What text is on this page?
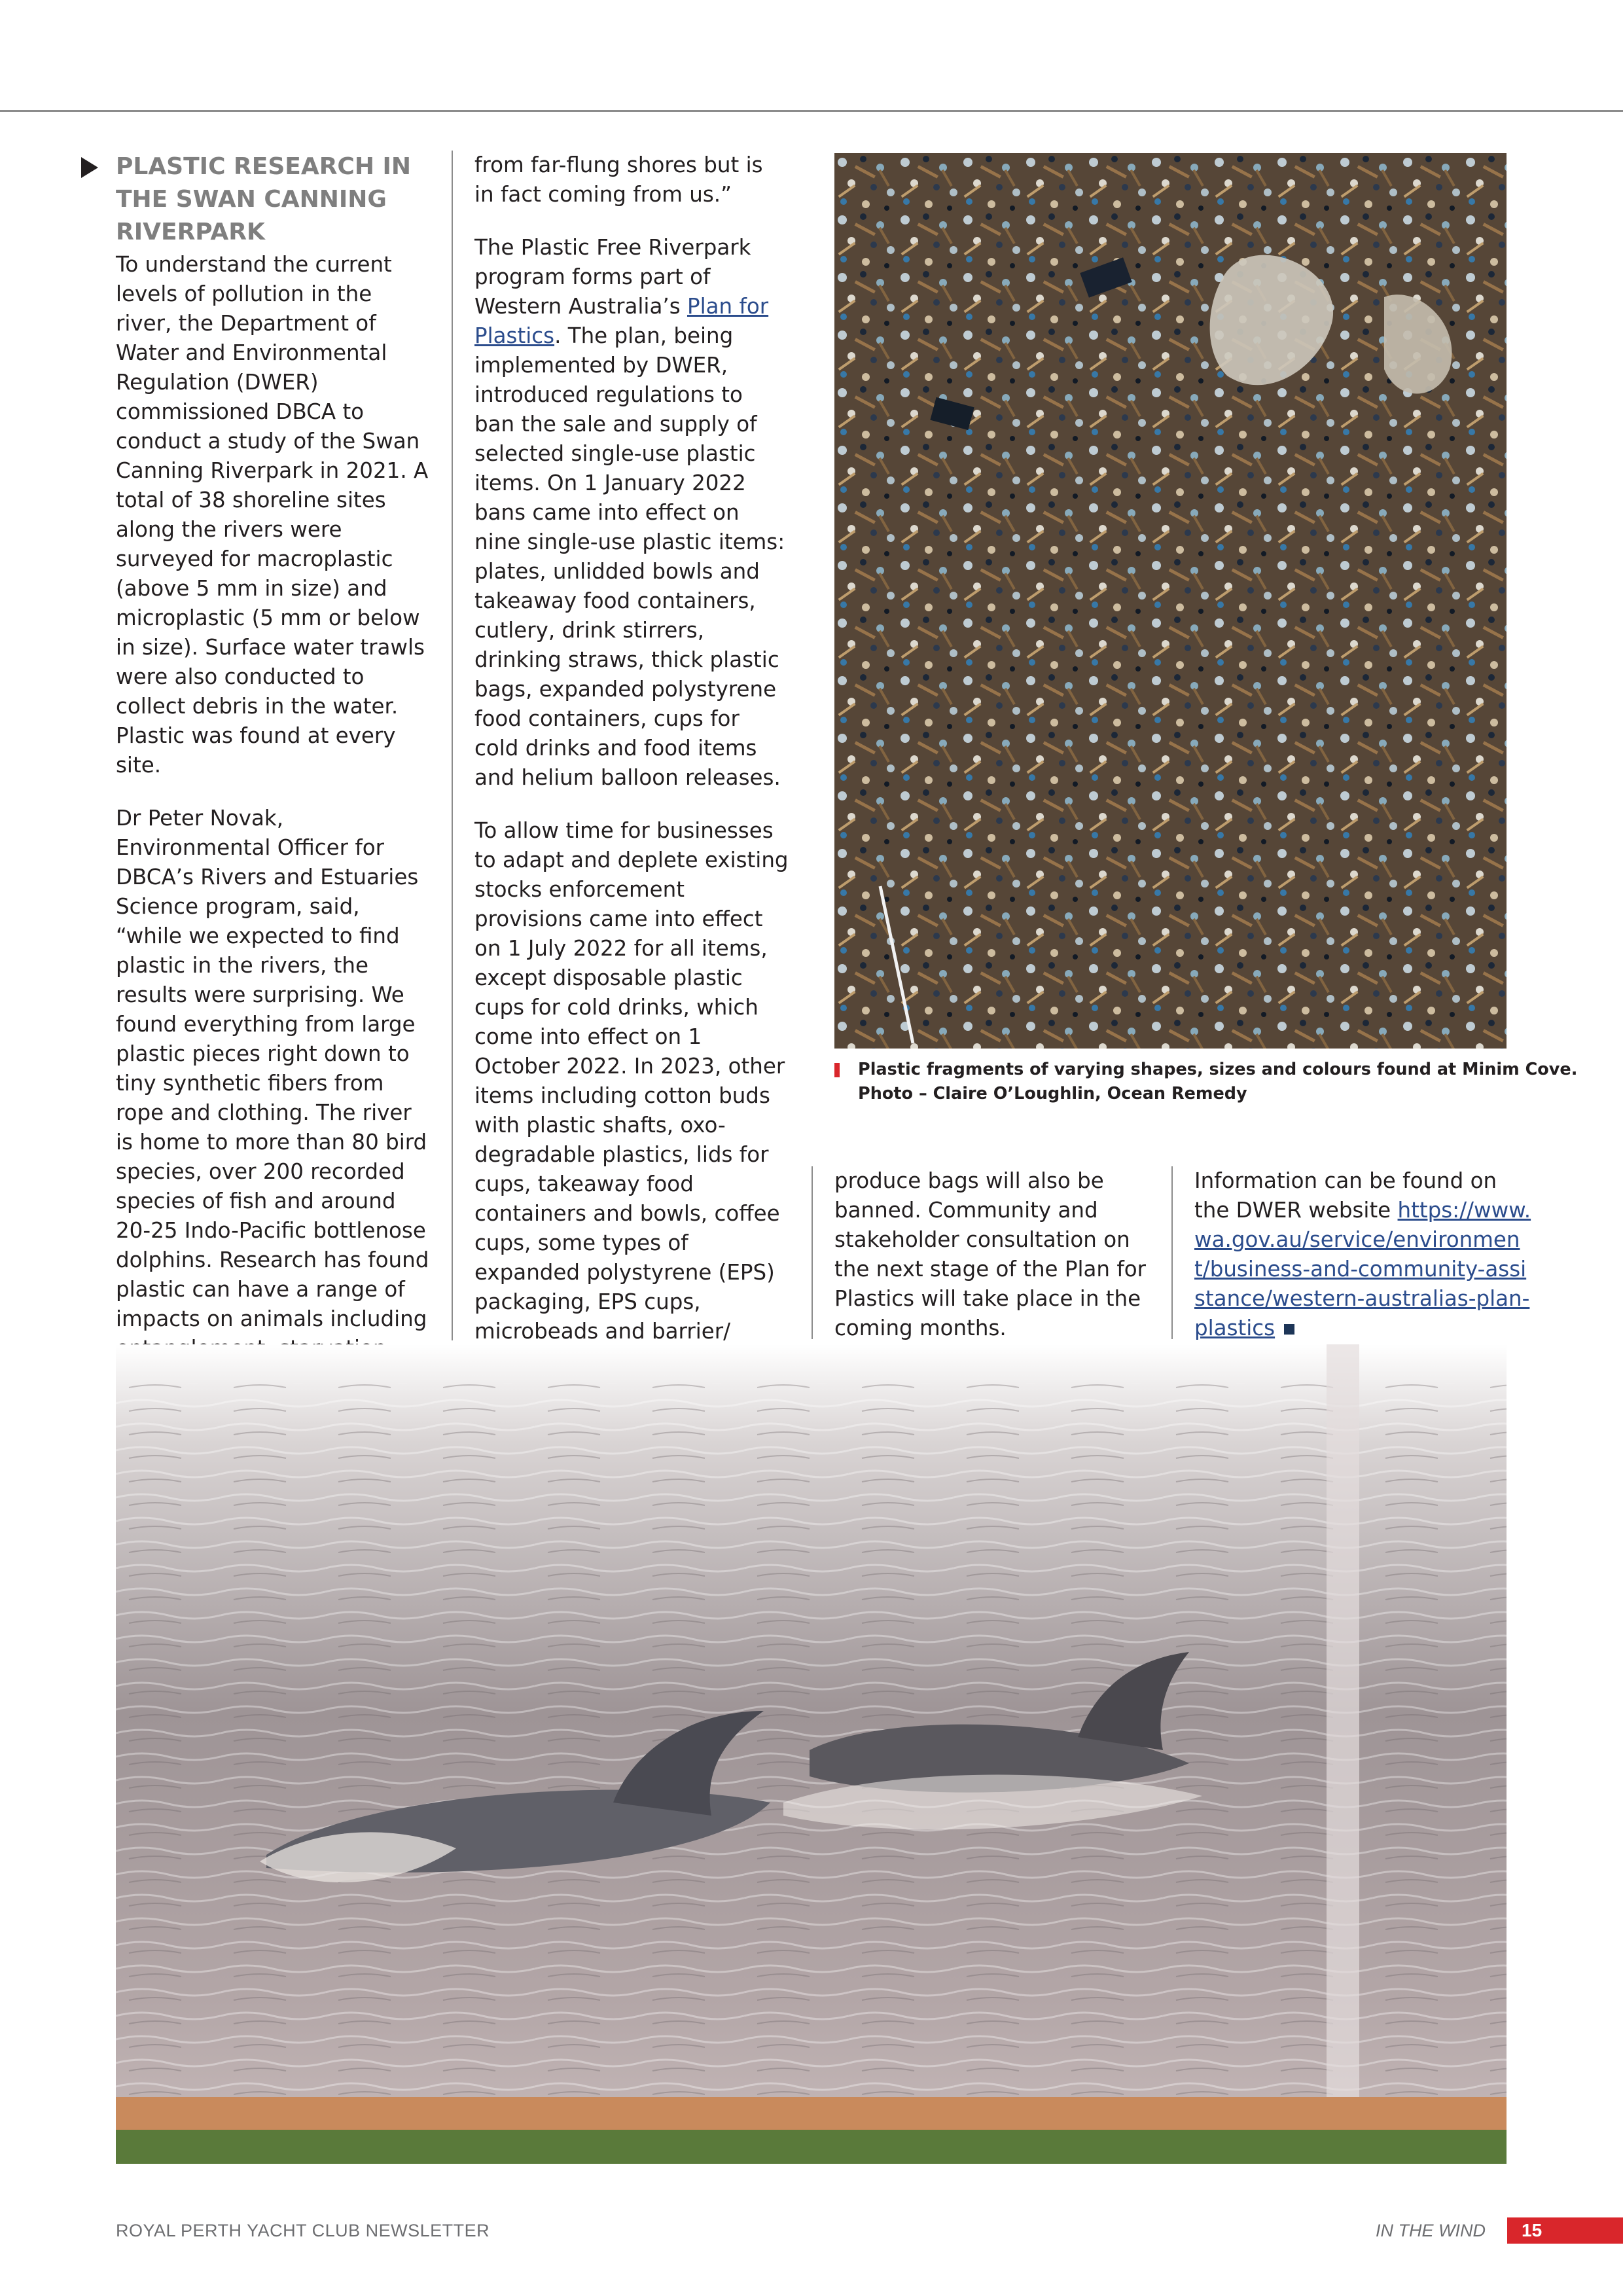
PLASTIC RESEARCH IN THE SWAN CANNING RIVERPARK

To understand the current levels of pollution in the river, the Department of Water and Environmental Regulation (DWER) commissioned DBCA to conduct a study of the Swan Canning Riverpark in 2021. A total of 38 shoreline sites along the rivers were surveyed for macroplastic (above 5 mm in size) and microplastic (5 mm or below in size). Surface water trawls were also conducted to collect debris in the water. Plastic was found at every site.

Dr Peter Novak, Environmental Officer for DBCA’s Rivers and Estuaries Science program, said, “while we expected to find plastic in the rivers, the results were surprising. We found everything from large plastic pieces right down to tiny synthetic fibers from rope and clothing. The river is home to more than 80 bird species, over 200 recorded species of fish and around 20-25 Indo-Pacific bottlenose dolphins. Research has found plastic can have a range of impacts on animals including

from far-flung shores but is in fact coming from us.”

The Plastic Free Riverpark program forms part of Western Australia’s Plan for Plastics. The plan, being implemented by DWER, introduced regulations to ban the sale and supply of selected single-use plastic items. On 1 January 2022 bans came into effect on nine single-use plastic items: plates, unlidded bowls and takeaway food containers, cutlery, drink stirrers, drinking straws, thick plastic bags, expanded polystyrene food containers, cups for cold drinks and food items and helium balloon releases.

To allow time for businesses to adapt and deplete existing stocks enforcement provisions came into effect on 1 July 2022 for all items, except disposable plastic cups for cold drinks, which come into effect on 1 October 2022. In 2023, other items including cotton buds with plastic shafts, oxo-degradable plastics, lids for cups, takeaway food containers and bowls, coffee cups, some types of expanded polystyrene (EPS) packaging, EPS cups, microbeads and barrier/

Plastic fragments of varying shapes, sizes and colours found at Minim Cove.
Photo – Claire O’Loughlin, Ocean Remedy

produce bags will also be banned. Community and stakeholder consultation on the next stage of the Plan for Plastics will take place in the coming months.

Information can be found on the DWER website https://www.wa.gov.au/service/environment/business-and-community-assistance/western-australias-plan-plastics

ROYAL PERTH YACHT CLUB NEWSLETTER	IN THE WIND	15
